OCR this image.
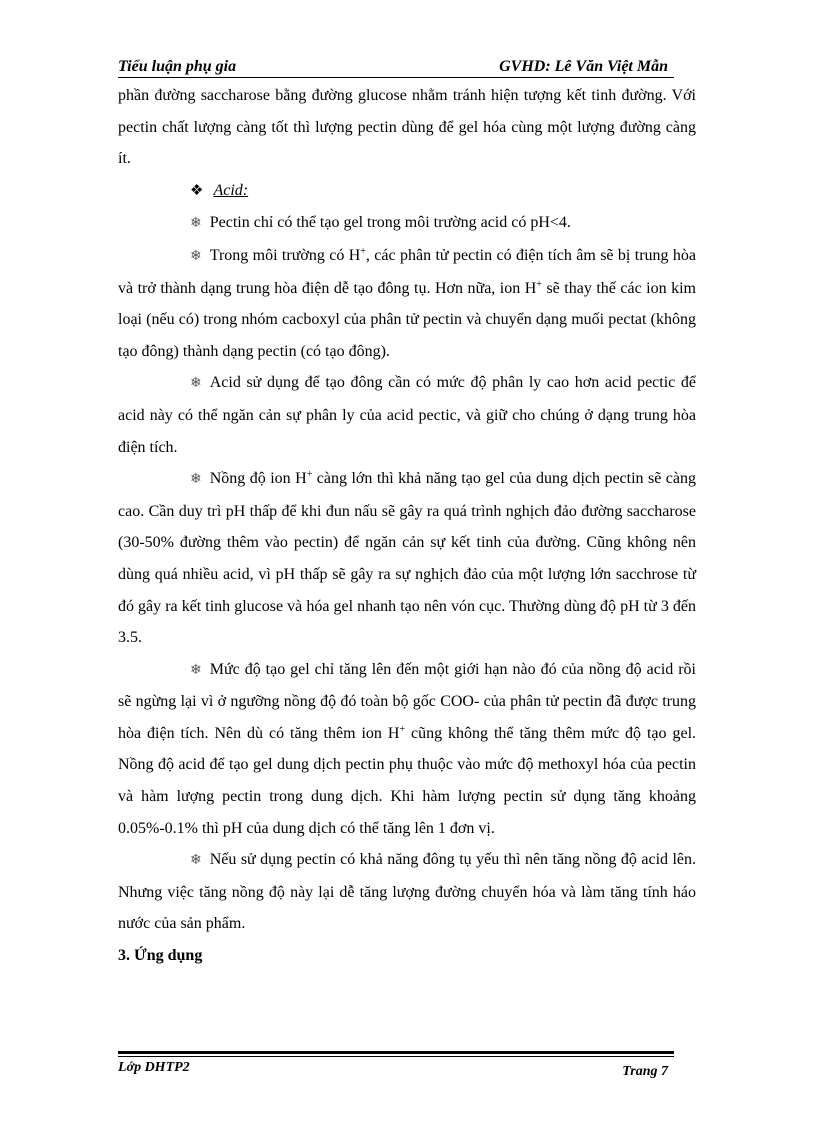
Tiểu luận phụ gia	GVHD: Lê Văn Việt Mẫn

phần đường saccharose bằng đường glucose nhằm tránh hiện tượng kết tinh đường. Với pectin chất lượng càng tốt thì lượng pectin dùng để gel hóa cùng một lượng đường càng ít.

❖ Acid:

❄ Pectin chỉ có thể tạo gel trong môi trường acid có pH<4.

❄ Trong môi trường có H+, các phân tử pectin có điện tích âm sẽ bị trung hòa và trở thành dạng trung hòa điện dễ tạo đông tụ. Hơn nữa, ion H+ sẽ thay thế các ion kim loại (nếu có) trong nhóm cacboxyl của phân tử pectin và chuyển dạng muối pectat (không tạo đông) thành dạng pectin (có tạo đông).

❄ Acid sử dụng để tạo đông cần có mức độ phân ly cao hơn acid pectic để acid này có thể ngăn cản sự phân ly của acid pectic, và giữ cho chúng ở dạng trung hòa điện tích.

❄ Nồng độ ion H+ càng lớn thì khả năng tạo gel của dung dịch pectin sẽ càng cao. Cần duy trì pH thấp để khi đun nấu sẽ gây ra quá trình nghịch đảo đường saccharose (30-50% đường thêm vào pectin) để ngăn cản sự kết tinh của đường. Cũng không nên dùng quá nhiều acid, vì pH thấp sẽ gây ra sự nghịch đảo của một lượng lớn sacchrose từ đó gây ra kết tinh glucose và hóa gel nhanh tạo nên vón cục. Thường dùng độ pH từ 3 đến 3.5.

❄ Mức độ tạo gel chỉ tăng lên đến một giới hạn nào đó của nồng độ acid rồi sẽ ngừng lại vì ở ngưỡng nồng độ đó toàn bộ gốc COO- của phân tử pectin đã được trung hòa điện tích. Nên dù có tăng thêm ion H+ cũng không thể tăng thêm mức độ tạo gel. Nồng độ acid để tạo gel dung dịch pectin phụ thuộc vào mức độ methoxyl hóa của pectin và hàm lượng pectin trong dung dịch. Khi hàm lượng pectin sử dụng tăng khoảng 0.05%-0.1% thì pH của dung dịch có thể tăng lên 1 đơn vị.

❄ Nếu sử dụng pectin có khả năng đông tụ yếu thì nên tăng nồng độ acid lên. Nhưng việc tăng nồng độ này lại dễ tăng lượng đường chuyển hóa và làm tăng tính háo nước của sản phẩm.

3. Ứng dụng

Lớp DHTP2	Trang 7
